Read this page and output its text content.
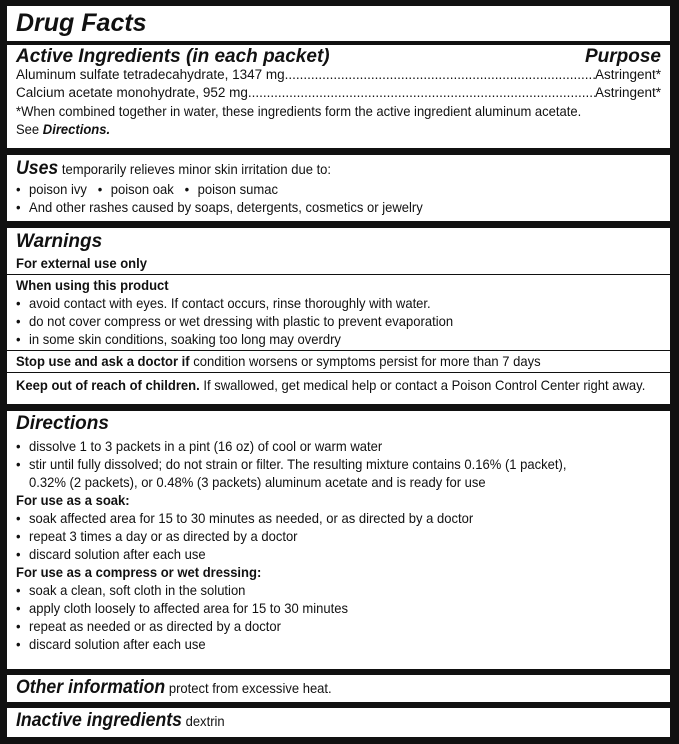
Drug Facts
Active Ingredients (in each packet)	Purpose
Aluminum sulfate tetradecahydrate, 1347 mg .....	Astringent*
Calcium acetate monohydrate, 952 mg .....	Astringent*
*When combined together in water, these ingredients form the active ingredient aluminum acetate.
See Directions.
Uses temporarily relieves minor skin irritation due to:
• poison ivy • poison oak • poison sumac
• And other rashes caused by soaps, detergents, cosmetics or jewelry
Warnings
For external use only
When using this product
• avoid contact with eyes. If contact occurs, rinse thoroughly with water.
• do not cover compress or wet dressing with plastic to prevent evaporation
• in some skin conditions, soaking too long may overdry
Stop use and ask a doctor if condition worsens or symptoms persist for more than 7 days
Keep out of reach of children. If swallowed, get medical help or contact a Poison Control Center right away.
Directions
• dissolve 1 to 3 packets in a pint (16 oz) of cool or warm water
• stir until fully dissolved; do not strain or filter. The resulting mixture contains 0.16% (1 packet),
0.32% (2 packets), or 0.48% (3 packets) aluminum acetate and is ready for use
For use as a soak:
• soak affected area for 15 to 30 minutes as needed, or as directed by a doctor
• repeat 3 times a day or as directed by a doctor
• discard solution after each use
For use as a compress or wet dressing:
• soak a clean, soft cloth in the solution
• apply cloth loosely to affected area for 15 to 30 minutes
• repeat as needed or as directed by a doctor
• discard solution after each use
Other information protect from excessive heat.
Inactive ingredients dextrin
